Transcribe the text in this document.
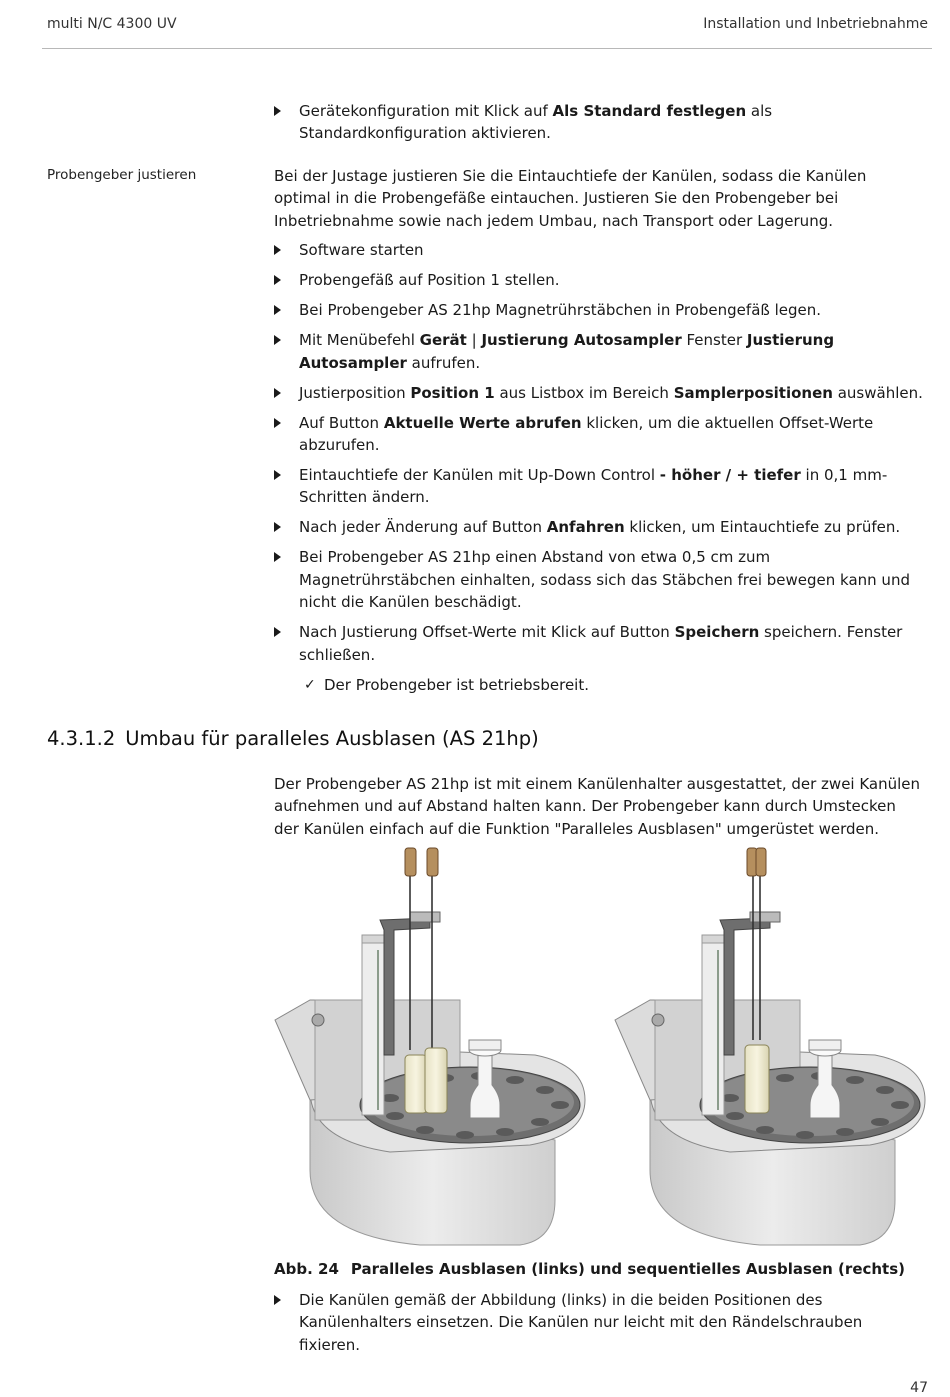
multi N/C 4300 UV	Installation und Inbetriebnahme
Gerätekonfiguration mit Klick auf Als Standard festlegen als Standardkonfiguration aktivieren.
Probengeber justieren	Bei der Justage justieren Sie die Eintauchtiefe der Kanülen, sodass die Kanülen optimal in die Probengefäße eintauchen. Justieren Sie den Probengeber bei Inbetriebnahme sowie nach jedem Umbau, nach Transport oder Lagerung.

Software starten
Probengefäß auf Position 1 stellen.
Bei Probengeber AS 21hp Magnetrührstäbchen in Probengefäß legen.
Mit Menübefehl Gerät | Justierung Autosampler Fenster Justierung Autosampler aufrufen.
Justierposition Position 1 aus Listbox im Bereich Samplerpositionen auswählen.
Auf Button Aktuelle Werte abrufen klicken, um die aktuellen Offset-Werte abzurufen.
Eintauchtiefe der Kanülen mit Up-Down Control - höher / + tiefer in 0,1 mm-Schritten ändern.
Nach jeder Änderung auf Button Anfahren klicken, um Eintauchtiefe zu prüfen.
Bei Probengeber AS 21hp einen Abstand von etwa 0,5 cm zum Magnetrührstäbchen einhalten, sodass sich das Stäbchen frei bewegen kann und nicht die Kanülen beschädigt.
Nach Justierung Offset-Werte mit Klick auf Button Speichern speichern. Fenster schließen.
✓ Der Probengeber ist betriebsbereit.
4.3.1.2 Umbau für paralleles Ausblasen (AS 21hp)

Der Probengeber AS 21hp ist mit einem Kanülenhalter ausgestattet, der zwei Kanülen aufnehmen und auf Abstand halten kann. Der Probengeber kann durch Umstecken der Kanülen einfach auf die Funktion "Paralleles Ausblasen" umgerüstet werden.

Abb. 24 Paralleles Ausblasen (links) und sequentielles Ausblasen (rechts)
Die Kanülen gemäß der Abbildung (links) in die beiden Positionen des Kanülenhalters einsetzen. Die Kanülen nur leicht mit den Rändelschrauben fixieren.
47
